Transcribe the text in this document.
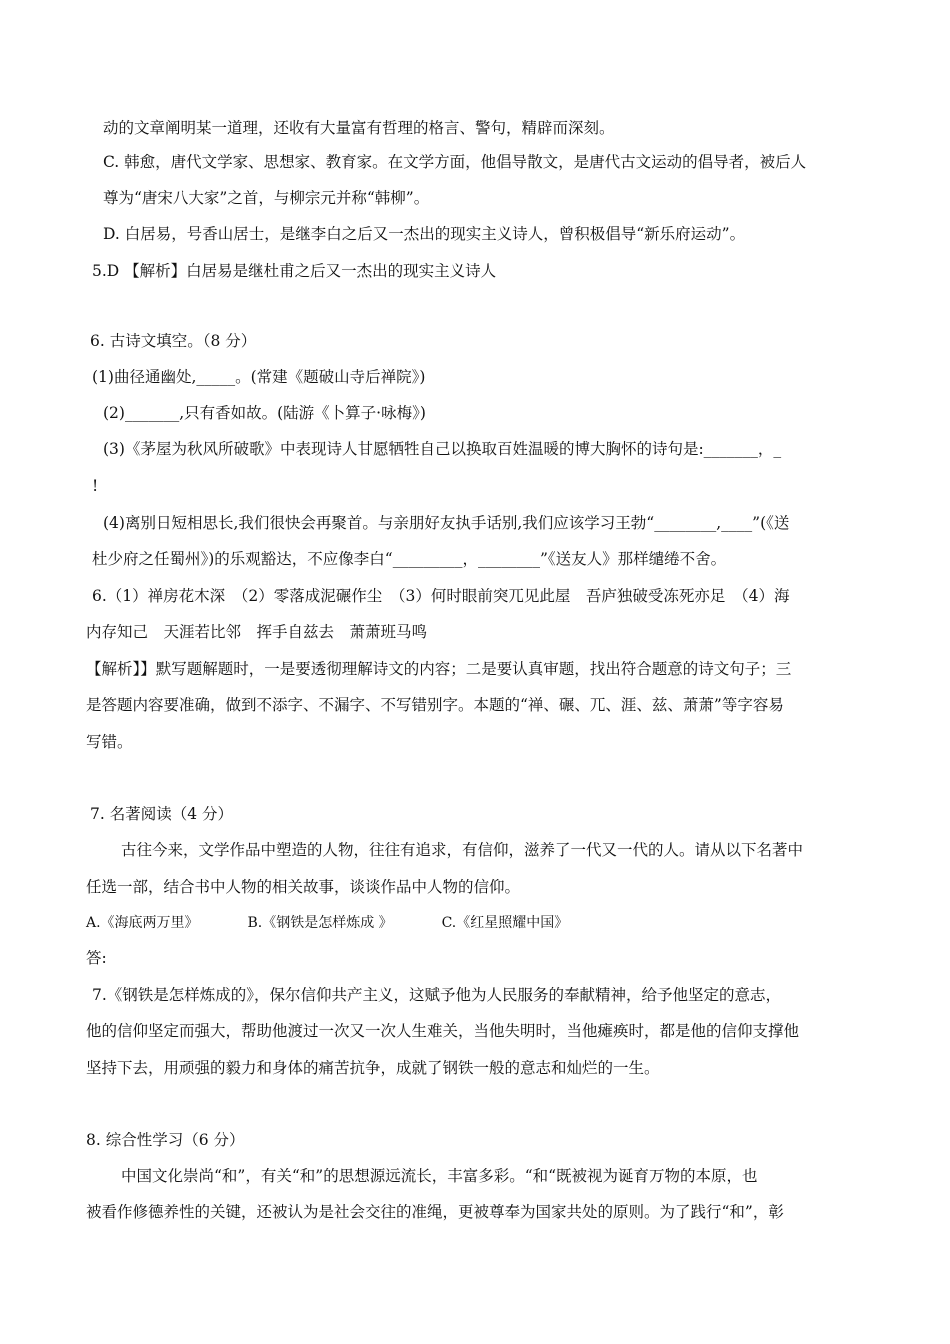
动的文章阐明某一道理，还收有大量富有哲理的格言、警句，精辟而深刻。
C. 韩愈，唐代文学家、思想家、教育家。在文学方面，他倡导散文，是唐代古文运动的倡导者，被后人
尊为“唐宋八大家”之首，与柳宗元并称“韩柳”。
D. 白居易，号香山居士，是继李白之后又一杰出的现实主义诗人，曾积极倡导“新乐府运动”。
5.D 【解析】白居易是继杜甫之后又一杰出的现实主义诗人
6. 古诗文填空。（8 分）
(1)曲径通幽处,_____。(常建《题破山寺后禅院》)
(2)_______,只有香如故。(陆游《卜算子·咏梅》)
(3)《茅屋为秋风所破歌》中表现诗人甘愿牺牲自己以换取百姓温暖的博大胸怀的诗句是:_______，_
!
(4)离别日短相思长,我们很快会再聚首。与亲朋好友执手话别,我们应该学习王勃“________,____”(《送
杜少府之任蜀州》)的乐观豁达，不应像李白“_________，________”《送友人》那样缱绻不舍。
6.（1）禅房花木深　（2）零落成泥碾作尘　（3）何时眼前突兀见此屋　吾庐独破受冻死亦足　（4）海
内存知己　天涯若比邻　挥手自兹去　萧萧班马鸣
【解析】】默写题解题时，一是要透彻理解诗文的内容；二是要认真审题，找出符合题意的诗文句子；三
是答题内容要准确，做到不添字、不漏字、不写错别字。本题的“禅、碾、兀、涯、兹、萧萧”等字容易
写错。
7. 名著阅读（4 分）
古往今来，文学作品中塑造的人物，往往有追求，有信仰，滋养了一代又一代的人。请从以下名著中
任选一部，结合书中人物的相关故事，谈谈作品中人物的信仰。
A.《海底两万里》	B.《钢铁是怎样炼成 》	C.《红星照耀中国》
答:
7.《钢铁是怎样炼成的》，保尔信仰共产主义，这赋予他为人民服务的奉献精神，给予他坚定的意志，
他的信仰坚定而强大，帮助他渡过一次又一次人生难关，当他失明时，当他瘫痪时，都是他的信仰支撑他
坚持下去，用顽强的毅力和身体的痛苦抗争，成就了钢铁一般的意志和灿烂的一生。
8. 综合性学习（6 分）
中国文化崇尚“和”，有关“和”的思想源远流长，丰富多彩。“和“既被视为诞育万物的本原，也
被看作修德养性的关键，还被认为是社会交往的准绳，更被尊奉为国家共处的原则。为了践行“和”，彰
